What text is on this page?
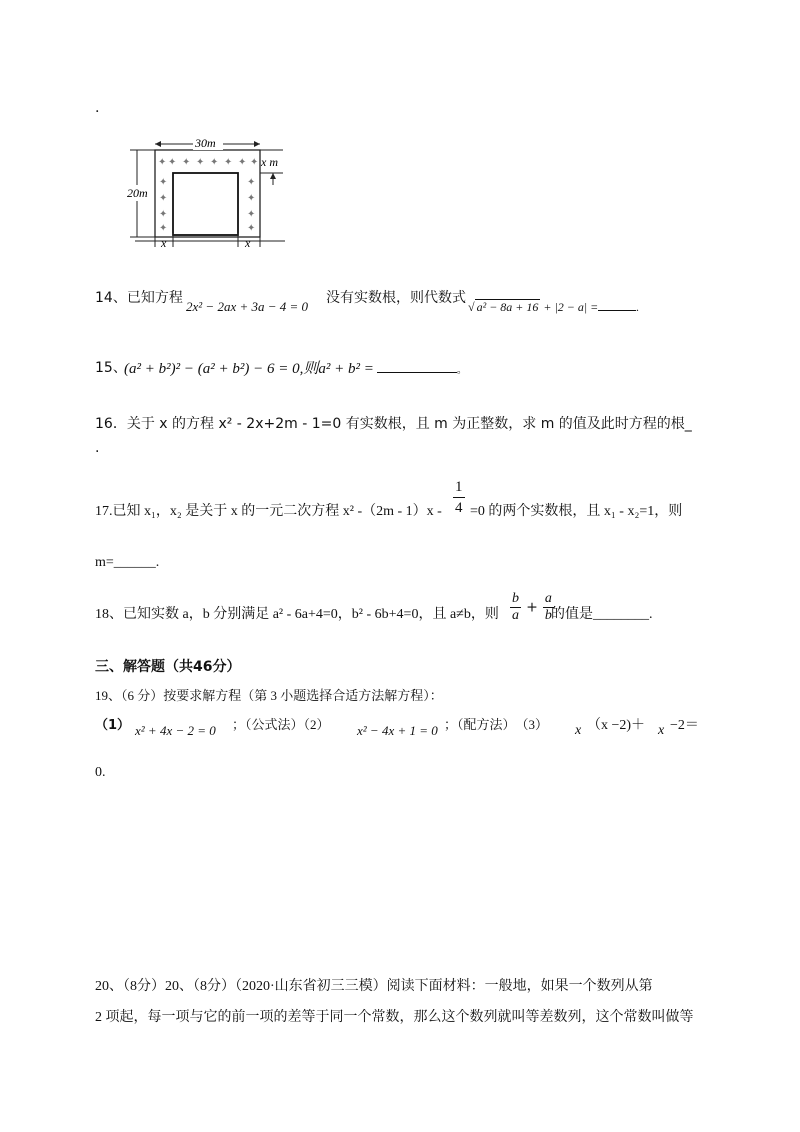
.
✦ ✦ ✦ ✦ ✦ ✦ ✦
✦
✦
✦
✦
✦
✦
✦
✦
✦
30m
20m
x m
x	x
14、已知方程
2x² − 2ax + 3a − 4 = 0
没有实数根，则代数式
√ a² − 8a + 16 + |2 − a| =	.
15、
(a² + b²)² − (a² + b²) − 6 = 0,则a² + b² =	。
16．关于 x 的方程 x² - 2x+2m - 1=0 有实数根，且 m 为正整数，求 m 的值及此时方程的根_
.
17.已知 x₁，x₂ 是关于 x 的一元二次方程 x² $-(2m - 1)x - \frac{1}{4} =0$ 的两个实数根，且 x₁ - x₂=1，则
m=______.
18、已知实数 a，b 分别满足 a² - 6a+4=0，b² - 6b+4=0，且 a≠b，则 $\frac{b}{a} + \frac{a}{b}$
的值是________.
三、解答题（共46分）
19、（6 分）按要求解方程（第 3 小题选择合适方法解方程）：
（1） x² + 4x − 2 = 0 ；（公式法）（2） x² − 4x + 1 = 0 ；（配方法）　（3） x （x −2)＋ x −2＝
0.
20、（8分）20、（8分）（2020·山东省初三三模）阅读下面材料：一般地，如果一个数列从第
2 项起，每一项与它的前一项的差等于同一个常数，那么这个数列就叫等差数列，这个常数叫做等
